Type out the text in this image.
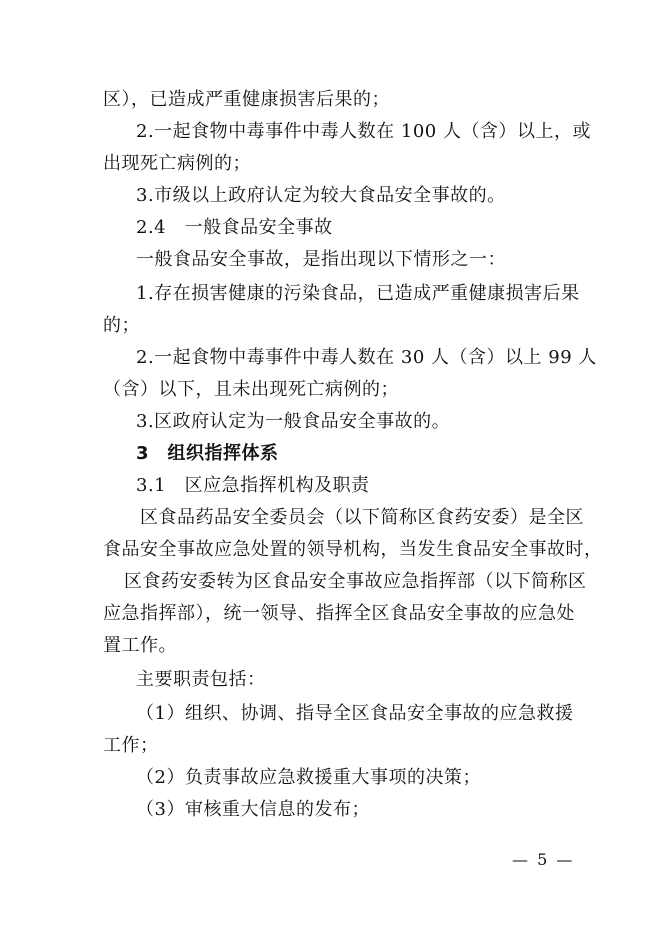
区），已造成严重健康损害后果的；
2.一起食物中毒事件中毒人数在 100 人（含）以上，或
出现死亡病例的；
3.市级以上政府认定为较大食品安全事故的。
2.4　一般食品安全事故
一般食品安全事故，是指出现以下情形之一：
1.存在损害健康的污染食品，已造成严重健康损害后果
的；
2.一起食物中毒事件中毒人数在 30 人（含）以上 99 人
（含）以下，且未出现死亡病例的；
3.区政府认定为一般食品安全事故的。
3　组织指挥体系
3.1　区应急指挥机构及职责
区食品药品安全委员会（以下简称区食药安委）是全区
食品安全事故应急处置的领导机构，当发生食品安全事故时，
区食药安委转为区食品安全事故应急指挥部（以下简称区
应急指挥部），统一领导、指挥全区食品安全事故的应急处
置工作。
主要职责包括：
（1）组织、协调、指导全区食品安全事故的应急救援
工作；
（2）负责事故应急救援重大事项的决策；
（3）审核重大信息的发布；
— 5 —
